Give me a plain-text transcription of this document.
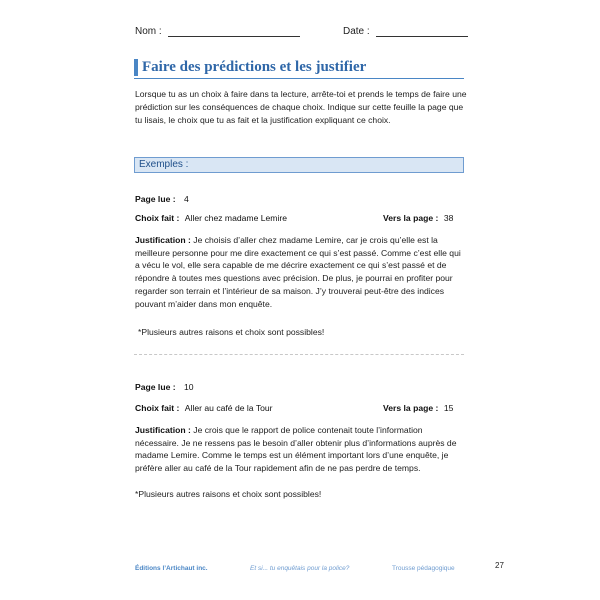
Nom :	Date :
Faire des prédictions et les justifier
Lorsque tu as un choix à faire dans ta lecture, arrête-toi et prends le temps de faire une prédiction sur les conséquences de chaque choix. Indique sur cette feuille la page que tu lisais, le choix que tu as fait et la justification expliquant ce choix.
Exemples :
Page lue : 4
Choix fait : Aller chez madame Lemire	Vers la page : 38
Justification : Je choisis d’aller chez madame Lemire, car je crois qu’elle est la meilleure personne pour me dire exactement ce qui s’est passé. Comme c’est elle qui a vécu le vol, elle sera capable de me décrire exactement ce qui s’est passé et de répondre à toutes mes questions avec précision. De plus, je pourrai en profiter pour regarder son terrain et l’intérieur de sa maison. J’y trouverai peut-être des indices pouvant m’aider dans mon enquête.
*Plusieurs autres raisons et choix sont possibles!
Page lue : 10
Choix fait : Aller au café de la Tour	Vers la page : 15
Justification : Je crois que le rapport de police contenait toute l’information nécessaire. Je ne ressens pas le besoin d’aller obtenir plus d’informations auprès de madame Lemire. Comme le temps est un élément important lors d’une enquête, je préfère aller au café de la Tour rapidement afin de ne pas perdre de temps.
*Plusieurs autres raisons et choix sont possibles!
Éditions l’Artichaut inc.	Et si... tu enquêtais pour la police?	Trousse pédagogique	27
